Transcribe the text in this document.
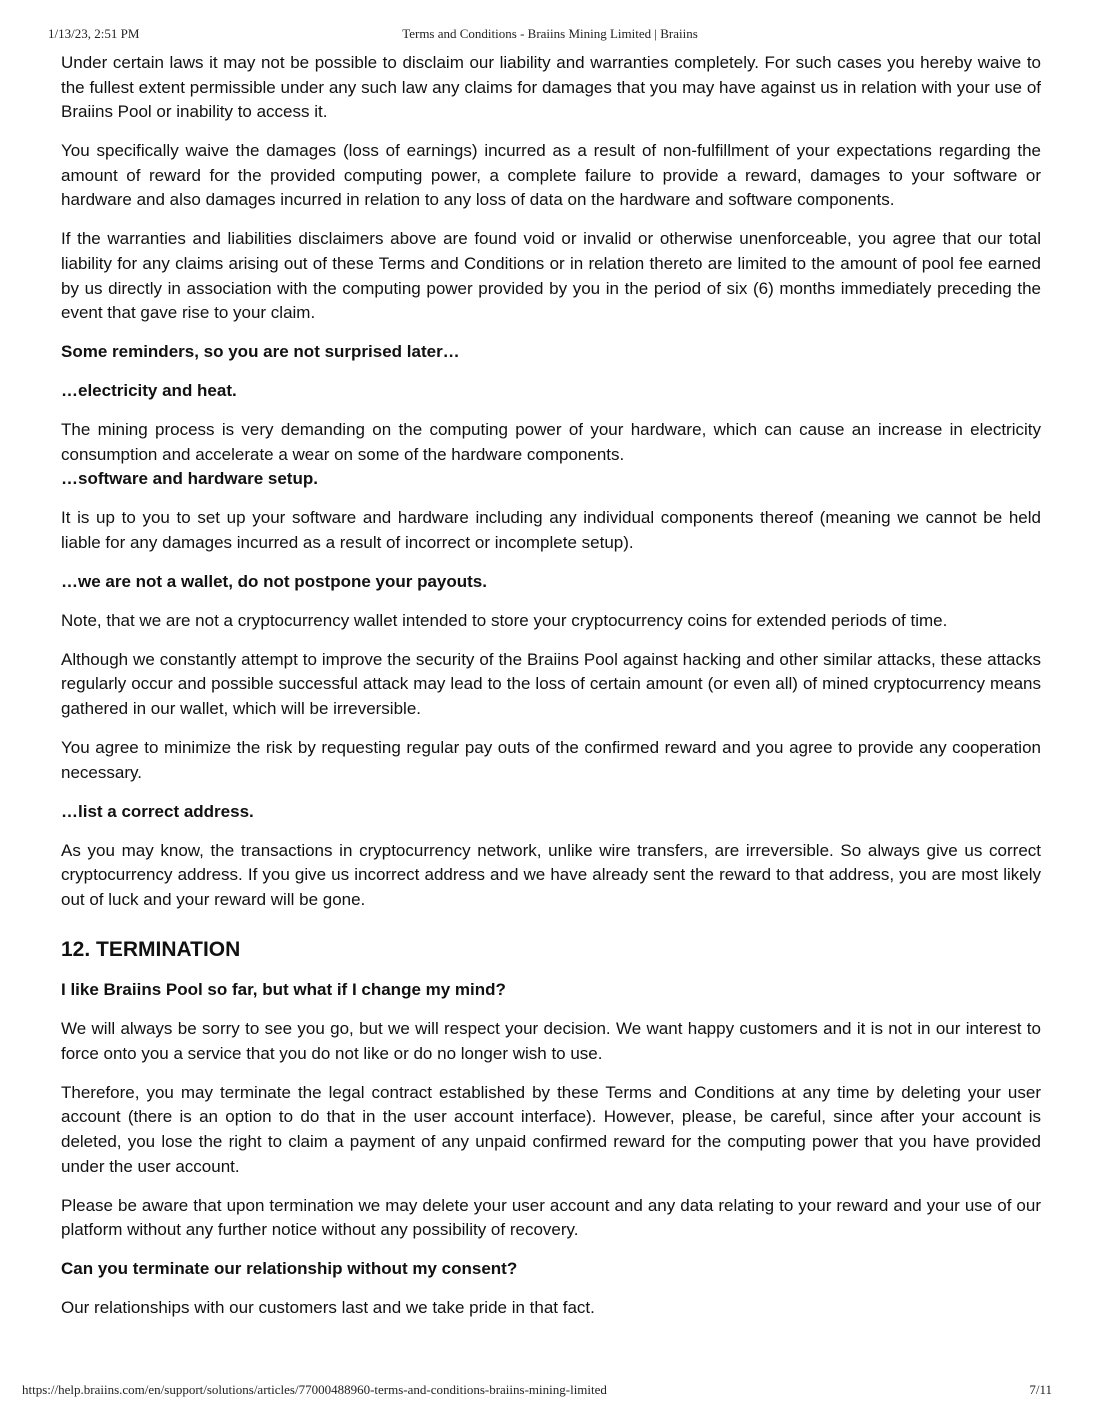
1/13/23, 2:51 PM	Terms and Conditions - Braiins Mining Limited | Braiins

Under certain laws it may not be possible to disclaim our liability and warranties completely. For such cases you hereby waive to the fullest extent permissible under any such law any claims for damages that you may have against us in relation with your use of Braiins Pool or inability to access it.

You specifically waive the damages (loss of earnings) incurred as a result of non-fulfillment of your expectations regarding the amount of reward for the provided computing power, a complete failure to provide a reward, damages to your software or hardware and also damages incurred in relation to any loss of data on the hardware and software components.

If the warranties and liabilities disclaimers above are found void or invalid or otherwise unenforceable, you agree that our total liability for any claims arising out of these Terms and Conditions or in relation thereto are limited to the amount of pool fee earned by us directly in association with the computing power provided by you in the period of six (6) months immediately preceding the event that gave rise to your claim.

Some reminders, so you are not surprised later…
…electricity and heat.

The mining process is very demanding on the computing power of your hardware, which can cause an increase in electricity consumption and accelerate a wear on some of the hardware components.

…software and hardware setup.

It is up to you to set up your software and hardware including any individual components thereof (meaning we cannot be held liable for any damages incurred as a result of incorrect or incomplete setup).

…we are not a wallet, do not postpone your payouts.

Note, that we are not a cryptocurrency wallet intended to store your cryptocurrency coins for extended periods of time.

Although we constantly attempt to improve the security of the Braiins Pool against hacking and other similar attacks, these attacks regularly occur and possible successful attack may lead to the loss of certain amount (or even all) of mined cryptocurrency means gathered in our wallet, which will be irreversible.

You agree to minimize the risk by requesting regular pay outs of the confirmed reward and you agree to provide any cooperation necessary.

…list a correct address.

As you may know, the transactions in cryptocurrency network, unlike wire transfers, are irreversible. So always give us correct cryptocurrency address. If you give us incorrect address and we have already sent the reward to that address, you are most likely out of luck and your reward will be gone.

12. TERMINATION
I like Braiins Pool so far, but what if I change my mind?

We will always be sorry to see you go, but we will respect your decision. We want happy customers and it is not in our interest to force onto you a service that you do not like or do no longer wish to use.

Therefore, you may terminate the legal contract established by these Terms and Conditions at any time by deleting your user account (there is an option to do that in the user account interface). However, please, be careful, since after your account is deleted, you lose the right to claim a payment of any unpaid confirmed reward for the computing power that you have provided under the user account.

Please be aware that upon termination we may delete your user account and any data relating to your reward and your use of our platform without any further notice without any possibility of recovery.

Can you terminate our relationship without my consent?

Our relationships with our customers last and we take pride in that fact.

https://help.braiins.com/en/support/solutions/articles/77000488960-terms-and-conditions-braiins-mining-limited	7/11
